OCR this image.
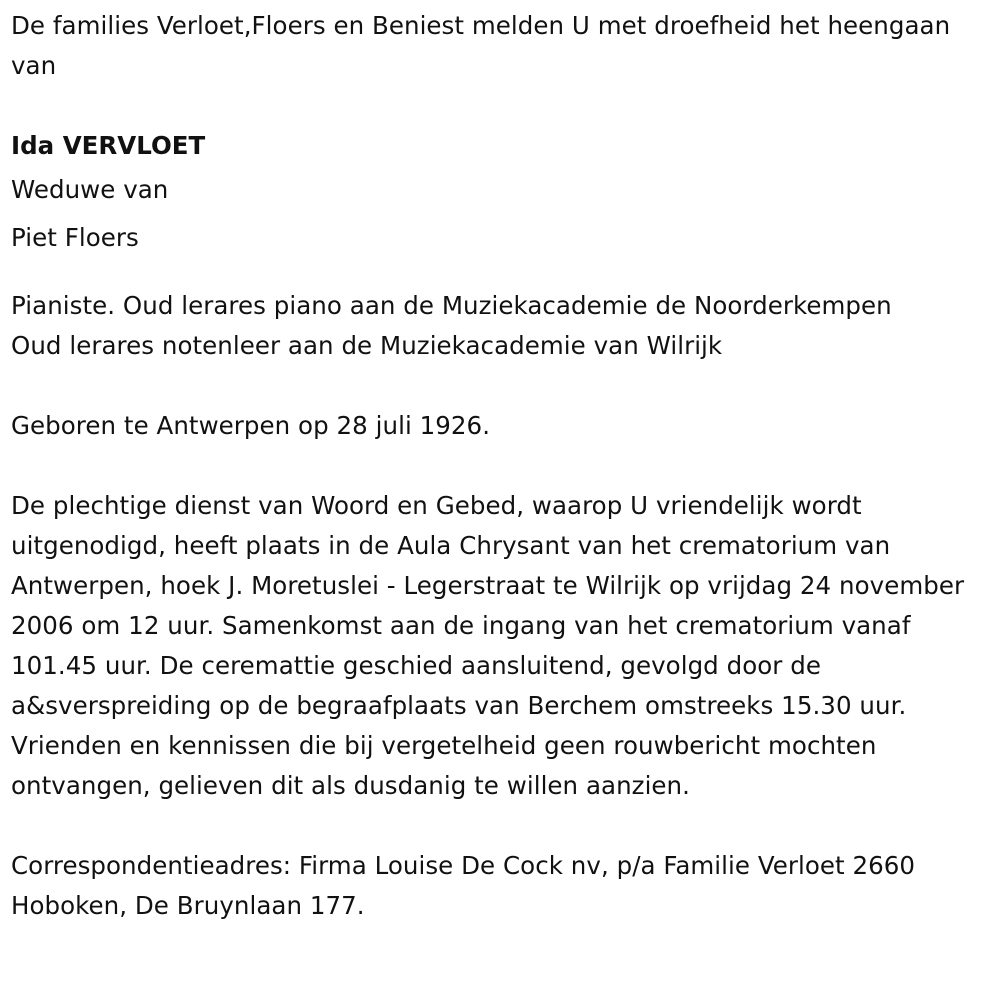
De families Verloet,Floers en Beniest melden U met droefheid het heengaan van

Ida VERVLOET

Weduwe van

Piet Floers

Pianiste. Oud lerares piano aan de Muziekacademie de Noorderkempen

Oud lerares notenleer aan de Muziekacademie van Wilrijk

Geboren te Antwerpen op 28 juli 1926.

De plechtige dienst van Woord en Gebed, waarop U vriendelijk wordt uitgenodigd, heeft plaats in de Aula Chrysant van het crematorium van Antwerpen, hoek J. Moretuslei - Legerstraat te Wilrijk op vrijdag 24 november 2006 om 12 uur. Samenkomst aan de ingang van het crematorium vanaf 101.45 uur. De ceremattie geschied aansluitend, gevolgd door de a&sverspreiding op de begraafplaats van Berchem omstreeks 15.30 uur. Vrienden en kennissen die bij vergetelheid geen rouwbericht mochten ontvangen, gelieven dit als dusdanig te willen aanzien.

Correspondentieadres: Firma Louise De Cock nv, p/a Familie Verloet 2660 Hoboken, De Bruynlaan 177.
